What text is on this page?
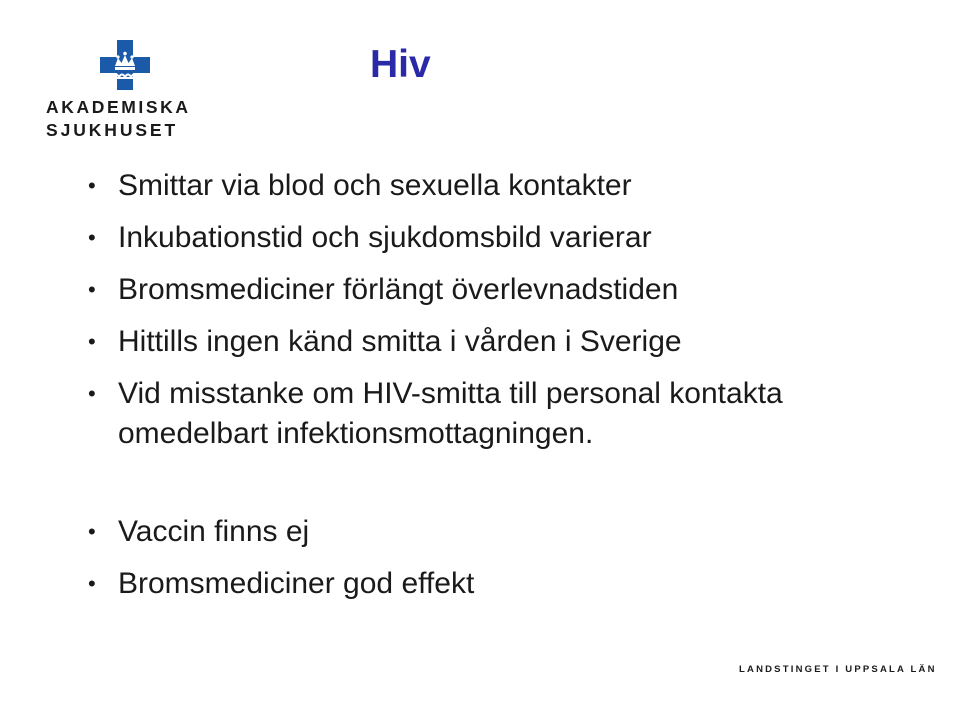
AKADEMISKA
SJUKHUSET
Hiv
• Smittar via blod och sexuella kontakter
• Inkubationstid och sjukdomsbild varierar
• Bromsmediciner förlängt överlevnadstiden
• Hittills ingen känd smitta i vården i Sverige
• Vid misstanke om HIV-smitta till personal kontakta omedelbart infektionsmottagningen.
• Vaccin finns ej
• Bromsmediciner god effekt
LANDSTINGET I UPPSALA LÄN
